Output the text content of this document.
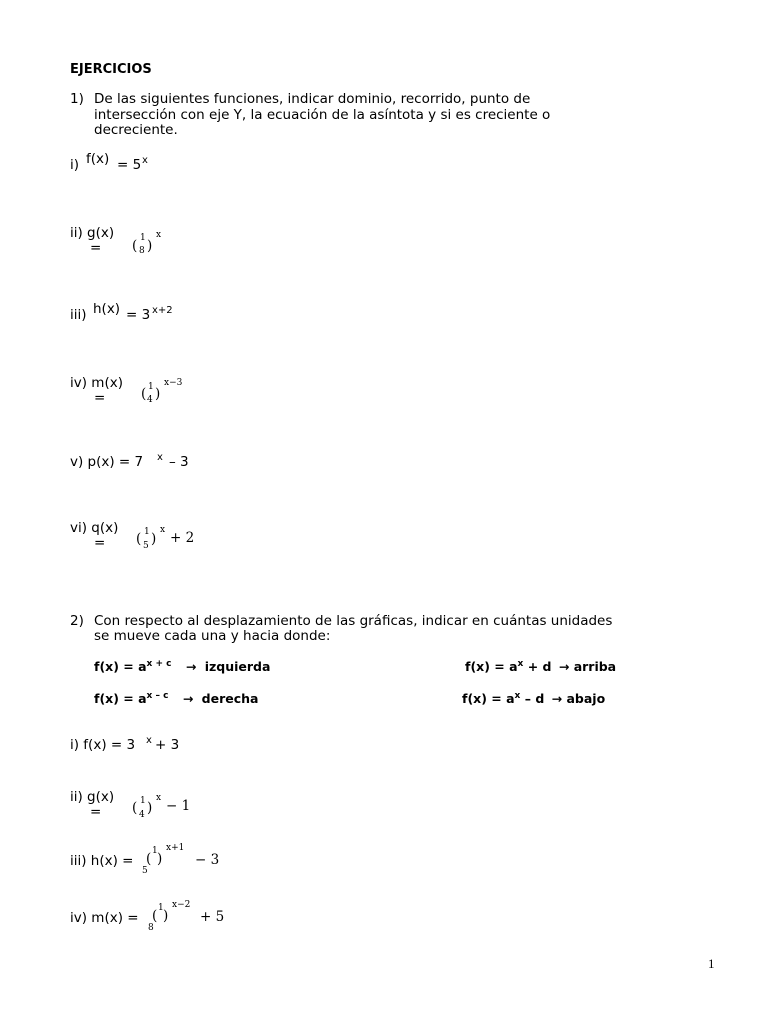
EJERCICIOS
1) De las siguientes funciones, indicar dominio, recorrido, punto de
intersección con eje Y, la ecuación de la asíntota y si es creciente o
decreciente.
i) f(x) = 5 x
ii) g(x)
= ( 1
8 )
x
iii) h(x) = 3 x+2
iv) m(x)
=	( 1
4 )
x−3
v) p(x) = 7 x – 3
vi) q(x)
= ( 1
5 )
x + 2
2) Con respecto al desplazamiento de las gráficas, indicar en cuántas unidades
se mueve cada una y hacia donde:
$f(x) = a^{x + c}$ → izquierda	$f(x) = a^x + d$ → arriba
$f(x) = a^{x - c}$ → derecha	$f(x) = a^x - d$ → abajo
i) f(x) = 3 x + 3
ii) g(x)
= ( 1
4 )
x − 1
iii) h(x) = ( 1
5
)
x+1
− 3
iv) m(x) = ( 1
8
)
x−2
+ 5
1
